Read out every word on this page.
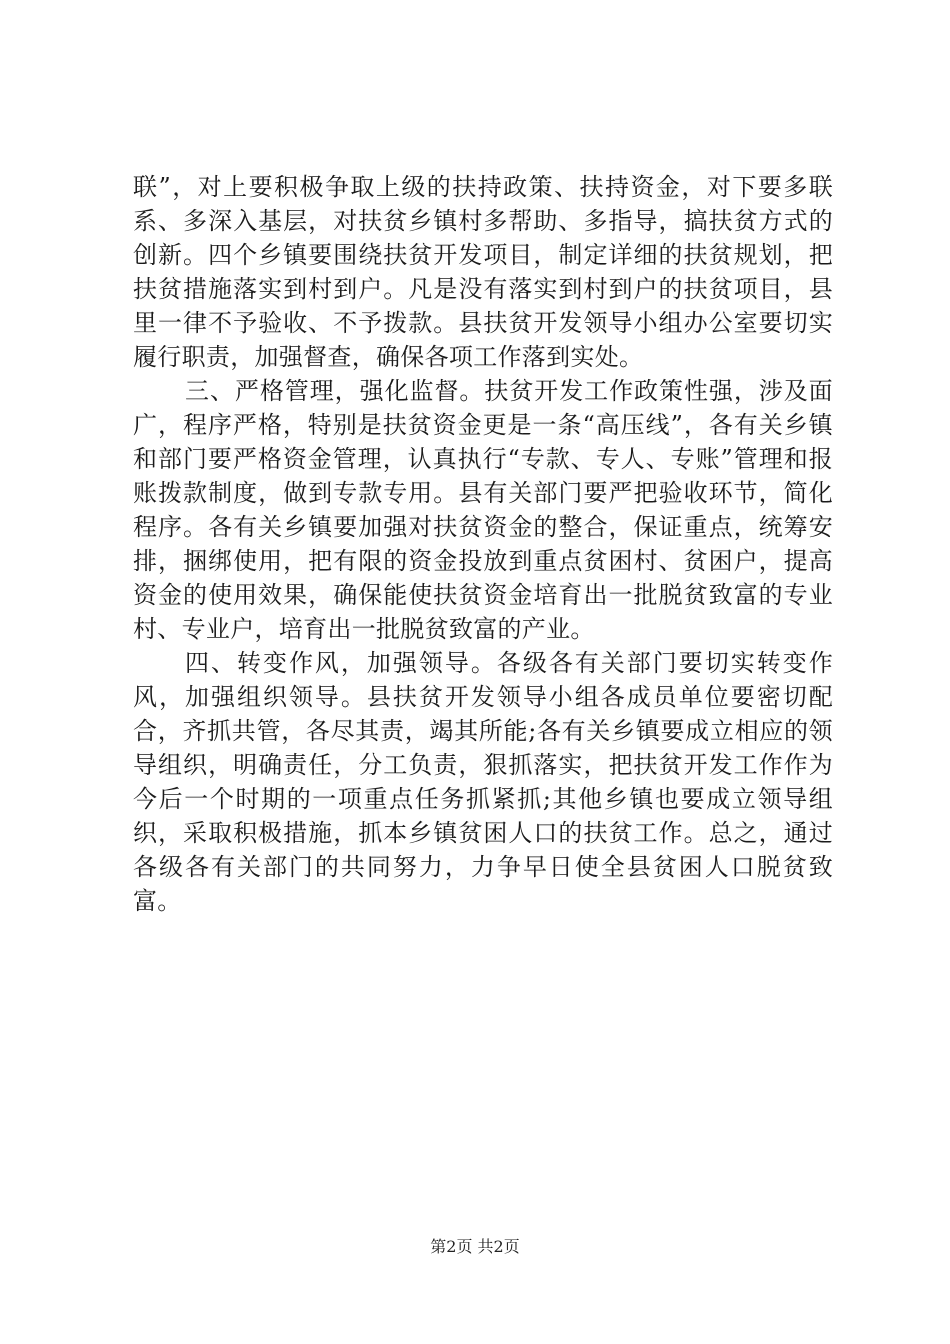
联”，对上要积极争取上级的扶持政策、扶持资金，对下要多联系、多深入基层，对扶贫乡镇村多帮助、多指导，搞扶贫方式的创新。四个乡镇要围绕扶贫开发项目，制定详细的扶贫规划，把扶贫措施落实到村到户。凡是没有落实到村到户的扶贫项目，县里一律不予验收、不予拨款。县扶贫开发领导小组办公室要切实履行职责，加强督查，确保各项工作落到实处。

三、严格管理，强化监督。扶贫开发工作政策性强，涉及面广，程序严格，特别是扶贫资金更是一条“高压线”，各有关乡镇和部门要严格资金管理，认真执行“专款、专人、专账”管理和报账拨款制度，做到专款专用。县有关部门要严把验收环节，简化程序。各有关乡镇要加强对扶贫资金的整合，保证重点，统筹安排，捆绑使用，把有限的资金投放到重点贫困村、贫困户，提高资金的使用效果，确保能使扶贫资金培育出一批脱贫致富的专业村、专业户，培育出一批脱贫致富的产业。

四、转变作风，加强领导。各级各有关部门要切实转变作风，加强组织领导。县扶贫开发领导小组各成员单位要密切配合，齐抓共管，各尽其责，竭其所能;各有关乡镇要成立相应的领导组织，明确责任，分工负责，狠抓落实，把扶贫开发工作作为今后一个时期的一项重点任务抓紧抓;其他乡镇也要成立领导组织，采取积极措施，抓本乡镇贫困人口的扶贫工作。总之，通过各级各有关部门的共同努力，力争早日使全县贫困人口脱贫致富。

第2页 共2页
